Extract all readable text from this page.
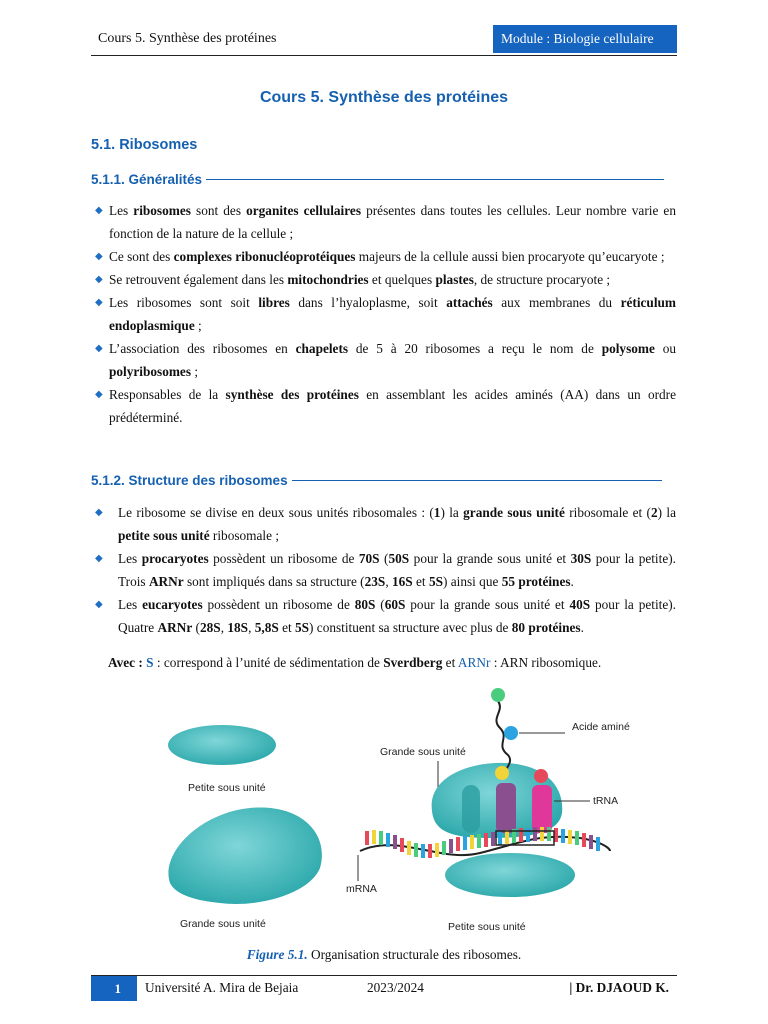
Cours 5. Synthèse des protéines	Module : Biologie cellulaire
Cours 5. Synthèse des protéines
5.1. Ribosomes
5.1.1. Généralités
◆ Les ribosomes sont des organites cellulaires présentes dans toutes les cellules. Leur nombre varie en fonction de la nature de la cellule ;
◆ Ce sont des complexes ribonucléoprotéiques majeurs de la cellule aussi bien procaryote qu’eucaryote ;
◆ Se retrouvent également dans les mitochondries et quelques plastes, de structure procaryote ;
◆ Les ribosomes sont soit libres dans l’hyaloplasme, soit attachés aux membranes du réticulum endoplasmique ;
◆ L’association des ribosomes en chapelets de 5 à 20 ribosomes a reçu le nom de polysome ou polyribosomes ;
◆ Responsables de la synthèse des protéines en assemblant les acides aminés (AA) dans un ordre prédéterminé.
5.1.2. Structure des ribosomes
◆ Le ribosome se divise en deux sous unités ribosomales : (1) la grande sous unité ribosomale et (2) la petite sous unité ribosomale ;
◆ Les procaryotes possèdent un ribosome de 70S (50S pour la grande sous unité et 30S pour la petite). Trois ARNr sont impliqués dans sa structure (23S, 16S et 5S) ainsi que 55 protéines.
◆ Les eucaryotes possèdent un ribosome de 80S (60S pour la grande sous unité et 40S pour la petite). Quatre ARNr (28S, 18S, 5,8S et 5S) constituent sa structure avec plus de 80 protéines.
Avec : S : correspond à l’unité de sédimentation de Sverdberg et ARNr : ARN ribosomique.
Petite sous unité
Grande sous unité
Grande sous unité
Acide aminé
tRNA
mRNA
Petite sous unité
Figure 5.1. Organisation structurale des ribosomes.
1	Université A. Mira de Bejaia	2023/2024	| Dr. DJAOUD K.
